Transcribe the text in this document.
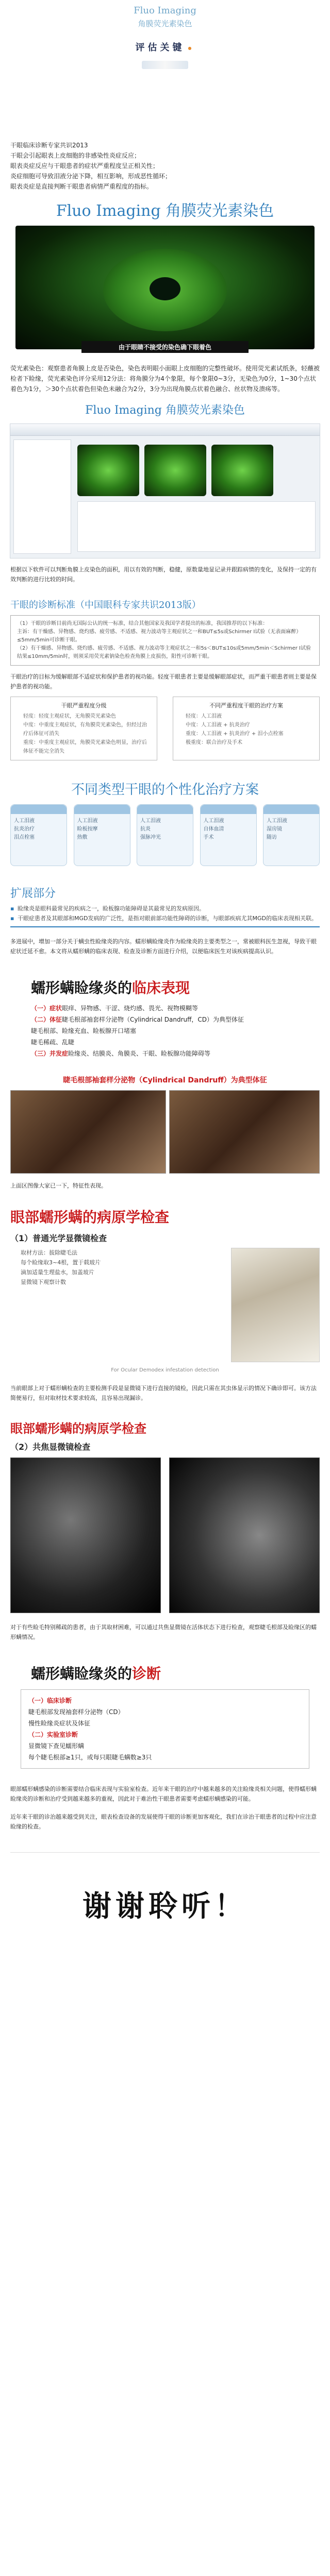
Fluo Imaging
角膜荧光素染色
评估关键 ●
干眼临床诊断专家共识2013
干眼会引起眼表上皮细胞的非感染性炎症反应；
眼表炎症反应与干眼患者的症状严重程度呈正相关性；
炎症细胞可导致泪液分泌下降，相互影响，形成恶性循环；
眼表炎症是直接判断干眼患者病情严重程度的指标。
Fluo Imaging 角膜荧光素染色
由于眼睛不接受的染色确下眼着色
荧光素染色：观察患者角膜上皮是否染色，染色表明眼小面眼上皮细胞的完整性破坏。使用荧光素试纸条，轻蘸被检者下睑缘，荧光素染色评分采用12分法：将角膜分为4个象限，每个象限0~3分，无染色为0分，1~30个点状着色为1分，＞30个点状着色但染色未融合为2分，3分为出现角膜点状着色融合、丝状物及溃疡等。
Fluo Imaging 角膜荧光素染色
根据以下软件可以判断角膜上皮染色的面积，用以有效的判断，稳健，原数量地显记录并跟踪病情的变化，及保持一定的有效判断的进行比较的时间。
干眼的诊断标准（中国眼科专家共识2013版）
（1）干眼的诊断目前尚无国际公认的统一标准，结合其他国家及我国学者提出的标准，我国推荐的以下标准：
主诉：有干燥感、异物感、烧灼感、疲劳感、不适感、视力波动等主观症状之一和BUT≤5s或Schirmer I试验（无表面麻醉）≤5mm/5min可诊断干眼。
（2）有干燥感、异物感、烧灼感、疲劳感、不适感、视力波动等主观症状之一和5s＜BUT≤10s或5mm/5min＜Schirmer I试验结果≤10mm/5min时，则须采用荧光素钠染色检查角膜上皮损伤，阳性可诊断干眼。
干眼治疗的目标为缓解眼部不适症状和保护患者的视功能。轻度干眼患者主要是缓解眼部症状，而严重干眼患者则主要是保护患者的视功能。
干眼严重程度分级
轻度：轻度主观症状，无角膜荧光素染色
中度：中重度主观症状，有角膜荧光素染色，但经过治疗后体征可消失
重度：中重度主观症状，角膜荧光素染色明显，治疗后体征不能完全消失
不同严重程度干眼的治疗方案
轻度：人工泪液
中度：人工泪液 + 抗炎治疗
重度：人工泪液 + 抗炎治疗 + 泪小点栓塞
极重度：联合治疗及手术
不同类型干眼的个性化治疗方案
人工泪液
抗炎治疗
泪点栓塞
人工泪液
睑板按摩
热敷
人工泪液
抗炎
强脉冲光
人工泪液
自体血清
手术
人工泪液
湿房镜
随访
扩展部分
▪ 睑缘炎是眼科最常见的疾病之一，睑板腺功能障碍是其最常见的发病原因。
▪ 干眼症患者及其眼部和MGD发病的广泛性，是指对眼前部功能性障碍的诊断，与眼部疾病尤其MGD的临床表现相关联。
多进展中，增加一部分关于螨虫性睑缘炎的内容。蠕形螨睑缘炎作为睑缘炎的主要类型之一，常被眼科医生忽视，导致干眼症状迁延不愈。本文将从蠕形螨的临床表现、检查及诊断方面进行介绍，以便临床医生对该疾病提高认识。
蠕形螨睑缘炎的临床表现
（一）症状眼痒、异物感、干涩、烧灼感、畏光、视物模糊等
（二）体征睫毛根部袖套样分泌物（Cylindrical Dandruff，CD）为典型体征
睫毛根部、睑缘充血、睑板腺开口堵塞
睫毛稀疏、乱睫
（三）并发症睑缘炎、结膜炎、角膜炎、干眼、睑板腺功能障碍等
睫毛根部袖套样分泌物（Cylindrical Dandruff）为典型体征
上面区图像大家已一下，特征性表现。
眼部蠕形螨的病原学检查
（1）普通光学显微镜检查
取材方法：拔除睫毛法
每个睑缘取3~4根，置于载玻片
滴加适量生理盐水，加盖玻片
显微镜下观察计数
For Ocular Demodex infestation detection
当前眼部上对于蠕形螨检查的主要检测手段是显微镜下进行直接的镜检，因此只需在其虫体显示的情况下确诊即可。该方法简便易行，但对取材技术要求较高，且容易出现漏诊。
眼部蠕形螨的病原学检查
（2）共焦显微镜检查
对于有些睑毛特别稀疏的患者，由于其取材困难，可以通过共焦显微镜在活体状态下进行检查，观察睫毛根部及睑缘区的蠕形螨情况。
蠕形螨睑缘炎的诊断
（一）临床诊断
睫毛根部发现袖套样分泌物（CD）
慢性睑缘炎症状及体征
（二）实验室诊断
显微镜下查见蠕形螨
每个睫毛根部≥1只，或每只眼睫毛螨数≥3只
眼部蠕形螨感染的诊断需要结合临床表现与实验室检查。近年来干眼的治疗中越来越多的关注睑缘炎相关问题，使得蠕形螨睑缘炎的诊断和治疗受到越来越多的重视，因此对于难治性干眼患者需要考虑蠕形螨感染的可能。
近年来干眼的诊治越来越受到关注，眼表检查设备的发展使得干眼的诊断更加客观化，我们在诊治干眼患者的过程中应注意睑缘的检查。
谢谢聆听！
